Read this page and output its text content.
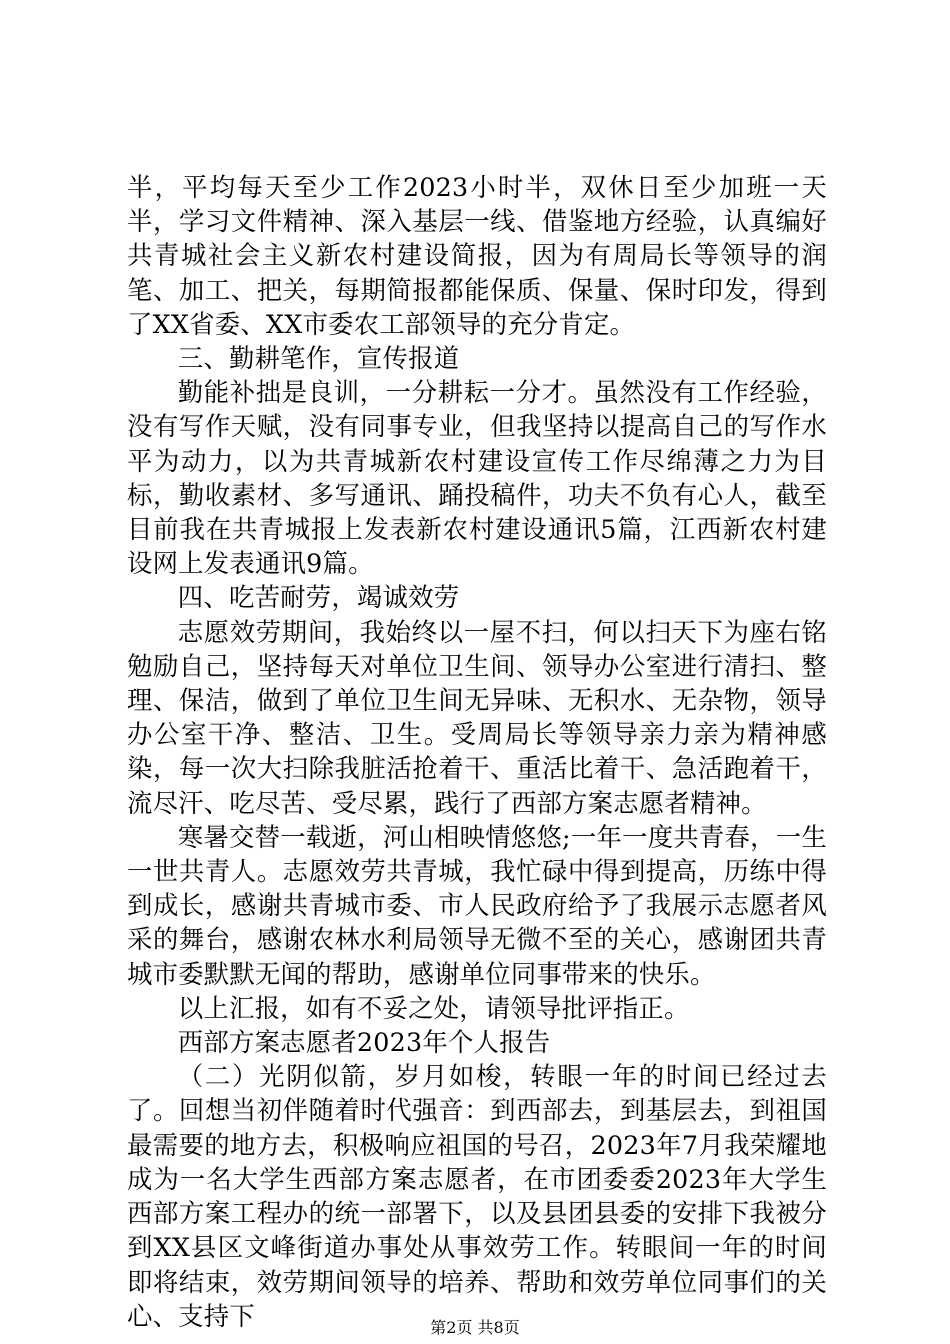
半，平均每天至少工作2023小时半，双休日至少加班一天半，学习文件精神、深入基层一线、借鉴地方经验，认真编好共青城社会主义新农村建设简报，因为有周局长等领导的润笔、加工、把关，每期简报都能保质、保量、保时印发，得到了XX省委、XX市委农工部领导的充分肯定。

三、勤耕笔作，宣传报道

勤能补拙是良训，一分耕耘一分才。虽然没有工作经验，没有写作天赋，没有同事专业，但我坚持以提高自己的写作水平为动力，以为共青城新农村建设宣传工作尽绵薄之力为目标，勤收素材、多写通讯、踊投稿件，功夫不负有心人，截至目前我在共青城报上发表新农村建设通讯5篇，江西新农村建设网上发表通讯9篇。

四、吃苦耐劳，竭诚效劳

志愿效劳期间，我始终以一屋不扫，何以扫天下为座右铭勉励自己，坚持每天对单位卫生间、领导办公室进行清扫、整理、保洁，做到了单位卫生间无异味、无积水、无杂物，领导办公室干净、整洁、卫生。受周局长等领导亲力亲为精神感染，每一次大扫除我脏活抢着干、重活比着干、急活跑着干，流尽汗、吃尽苦、受尽累，践行了西部方案志愿者精神。

寒暑交替一载逝，河山相映情悠悠;一年一度共青春，一生一世共青人。志愿效劳共青城，我忙碌中得到提高，历练中得到成长，感谢共青城市委、市人民政府给予了我展示志愿者风采的舞台，感谢农林水利局领导无微不至的关心，感谢团共青城市委默默无闻的帮助，感谢单位同事带来的快乐。

以上汇报，如有不妥之处，请领导批评指正。

西部方案志愿者2023年个人报告

（二）光阴似箭，岁月如梭，转眼一年的时间已经过去了。回想当初伴随着时代强音：到西部去，到基层去，到祖国最需要的地方去，积极响应祖国的号召，2023年7月我荣耀地成为一名大学生西部方案志愿者，在市团委委2023年大学生西部方案工程办的统一部署下，以及县团县委的安排下我被分到XX县区文峰街道办事处从事效劳工作。转眼间一年的时间即将结束，效劳期间领导的培养、帮助和效劳单位同事们的关心、支持下	第2页 共8页
